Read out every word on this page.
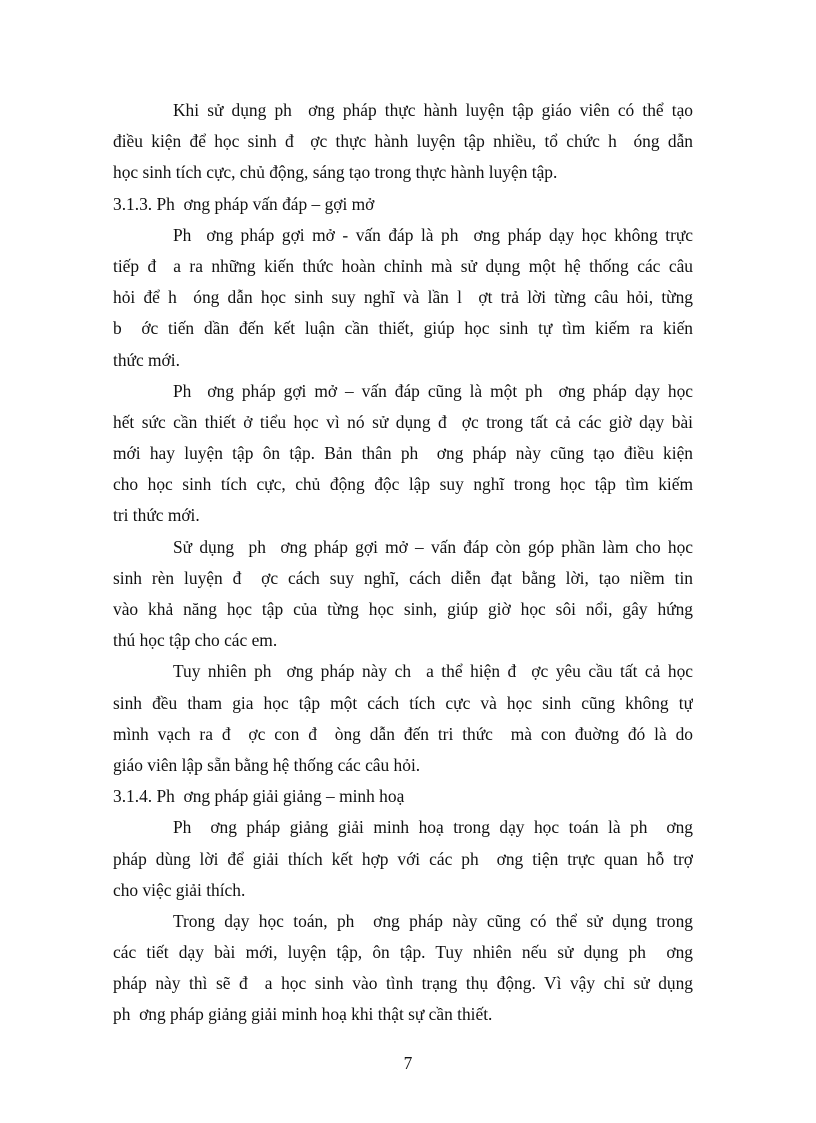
Khi sử dụng ph  ơng pháp thực hành luyện tập giáo viên có thể tạo
điều kiện để học sinh đ  ợc thực hành luyện tập nhiều, tổ chức h  óng dẫn
học sinh tích cực, chủ động, sáng tạo trong thực hành luyện tập.
3.1.3. Ph  ơng pháp vấn đáp – gợi mở
Ph  ơng pháp gợi mở - vấn đáp là ph  ơng pháp dạy học không trực
tiếp đ  a ra những kiến thức hoàn chỉnh mà sử dụng một hệ thống các câu
hỏi để h  óng dẫn học sinh suy nghĩ và lần l  ợt trả lời từng câu hỏi, từng
b  ớc tiến dần đến kết luận cần thiết, giúp học sinh tự tìm kiếm ra kiến
thức mới.
Ph  ơng pháp gợi mở – vấn đáp cũng là một ph  ơng pháp dạy học
hết sức cần thiết ở tiểu học vì nó sử dụng đ  ợc trong tất cả các giờ dạy bài
mới hay luyện tập ôn tập. Bản thân ph  ơng pháp này cũng tạo điều kiện
cho học sinh tích cực, chủ động độc lập suy nghĩ trong học tập tìm kiếm
tri thức mới.
Sử dụng  ph  ơng pháp gợi mở – vấn đáp còn góp phần làm cho học
sinh rèn luyện đ  ợc cách suy nghĩ, cách diễn đạt bằng lời, tạo niềm tin
vào khả năng học tập của từng học sinh, giúp giờ học sôi nổi, gây hứng
thú học tập cho các em.
Tuy nhiên ph  ơng pháp này ch  a thể hiện đ  ợc yêu cầu tất cả học
sinh đều tham gia học tập một cách tích cực và học sinh cũng không tự
mình vạch ra đ  ợc con đ  òng dẫn đến tri thức  mà con đuờng đó là do
giáo viên lập sẵn bằng hệ thống các câu hỏi.
3.1.4. Ph  ơng pháp giải giảng – minh hoạ
Ph  ơng pháp giảng giải minh hoạ trong dạy học toán là ph  ơng
pháp dùng lời để giải thích kết hợp với các ph  ơng tiện trực quan hỗ trợ
cho việc giải thích.
Trong dạy học toán, ph  ơng pháp này cũng có thể sử dụng trong
các tiết dạy bài mới, luyện tập, ôn tập. Tuy nhiên nếu sử dụng ph  ơng
pháp này thì sẽ đ  a học sinh vào tình trạng thụ động. Vì vậy chỉ sử dụng
ph  ơng pháp giảng giải minh hoạ khi thật sự cần thiết.
7
